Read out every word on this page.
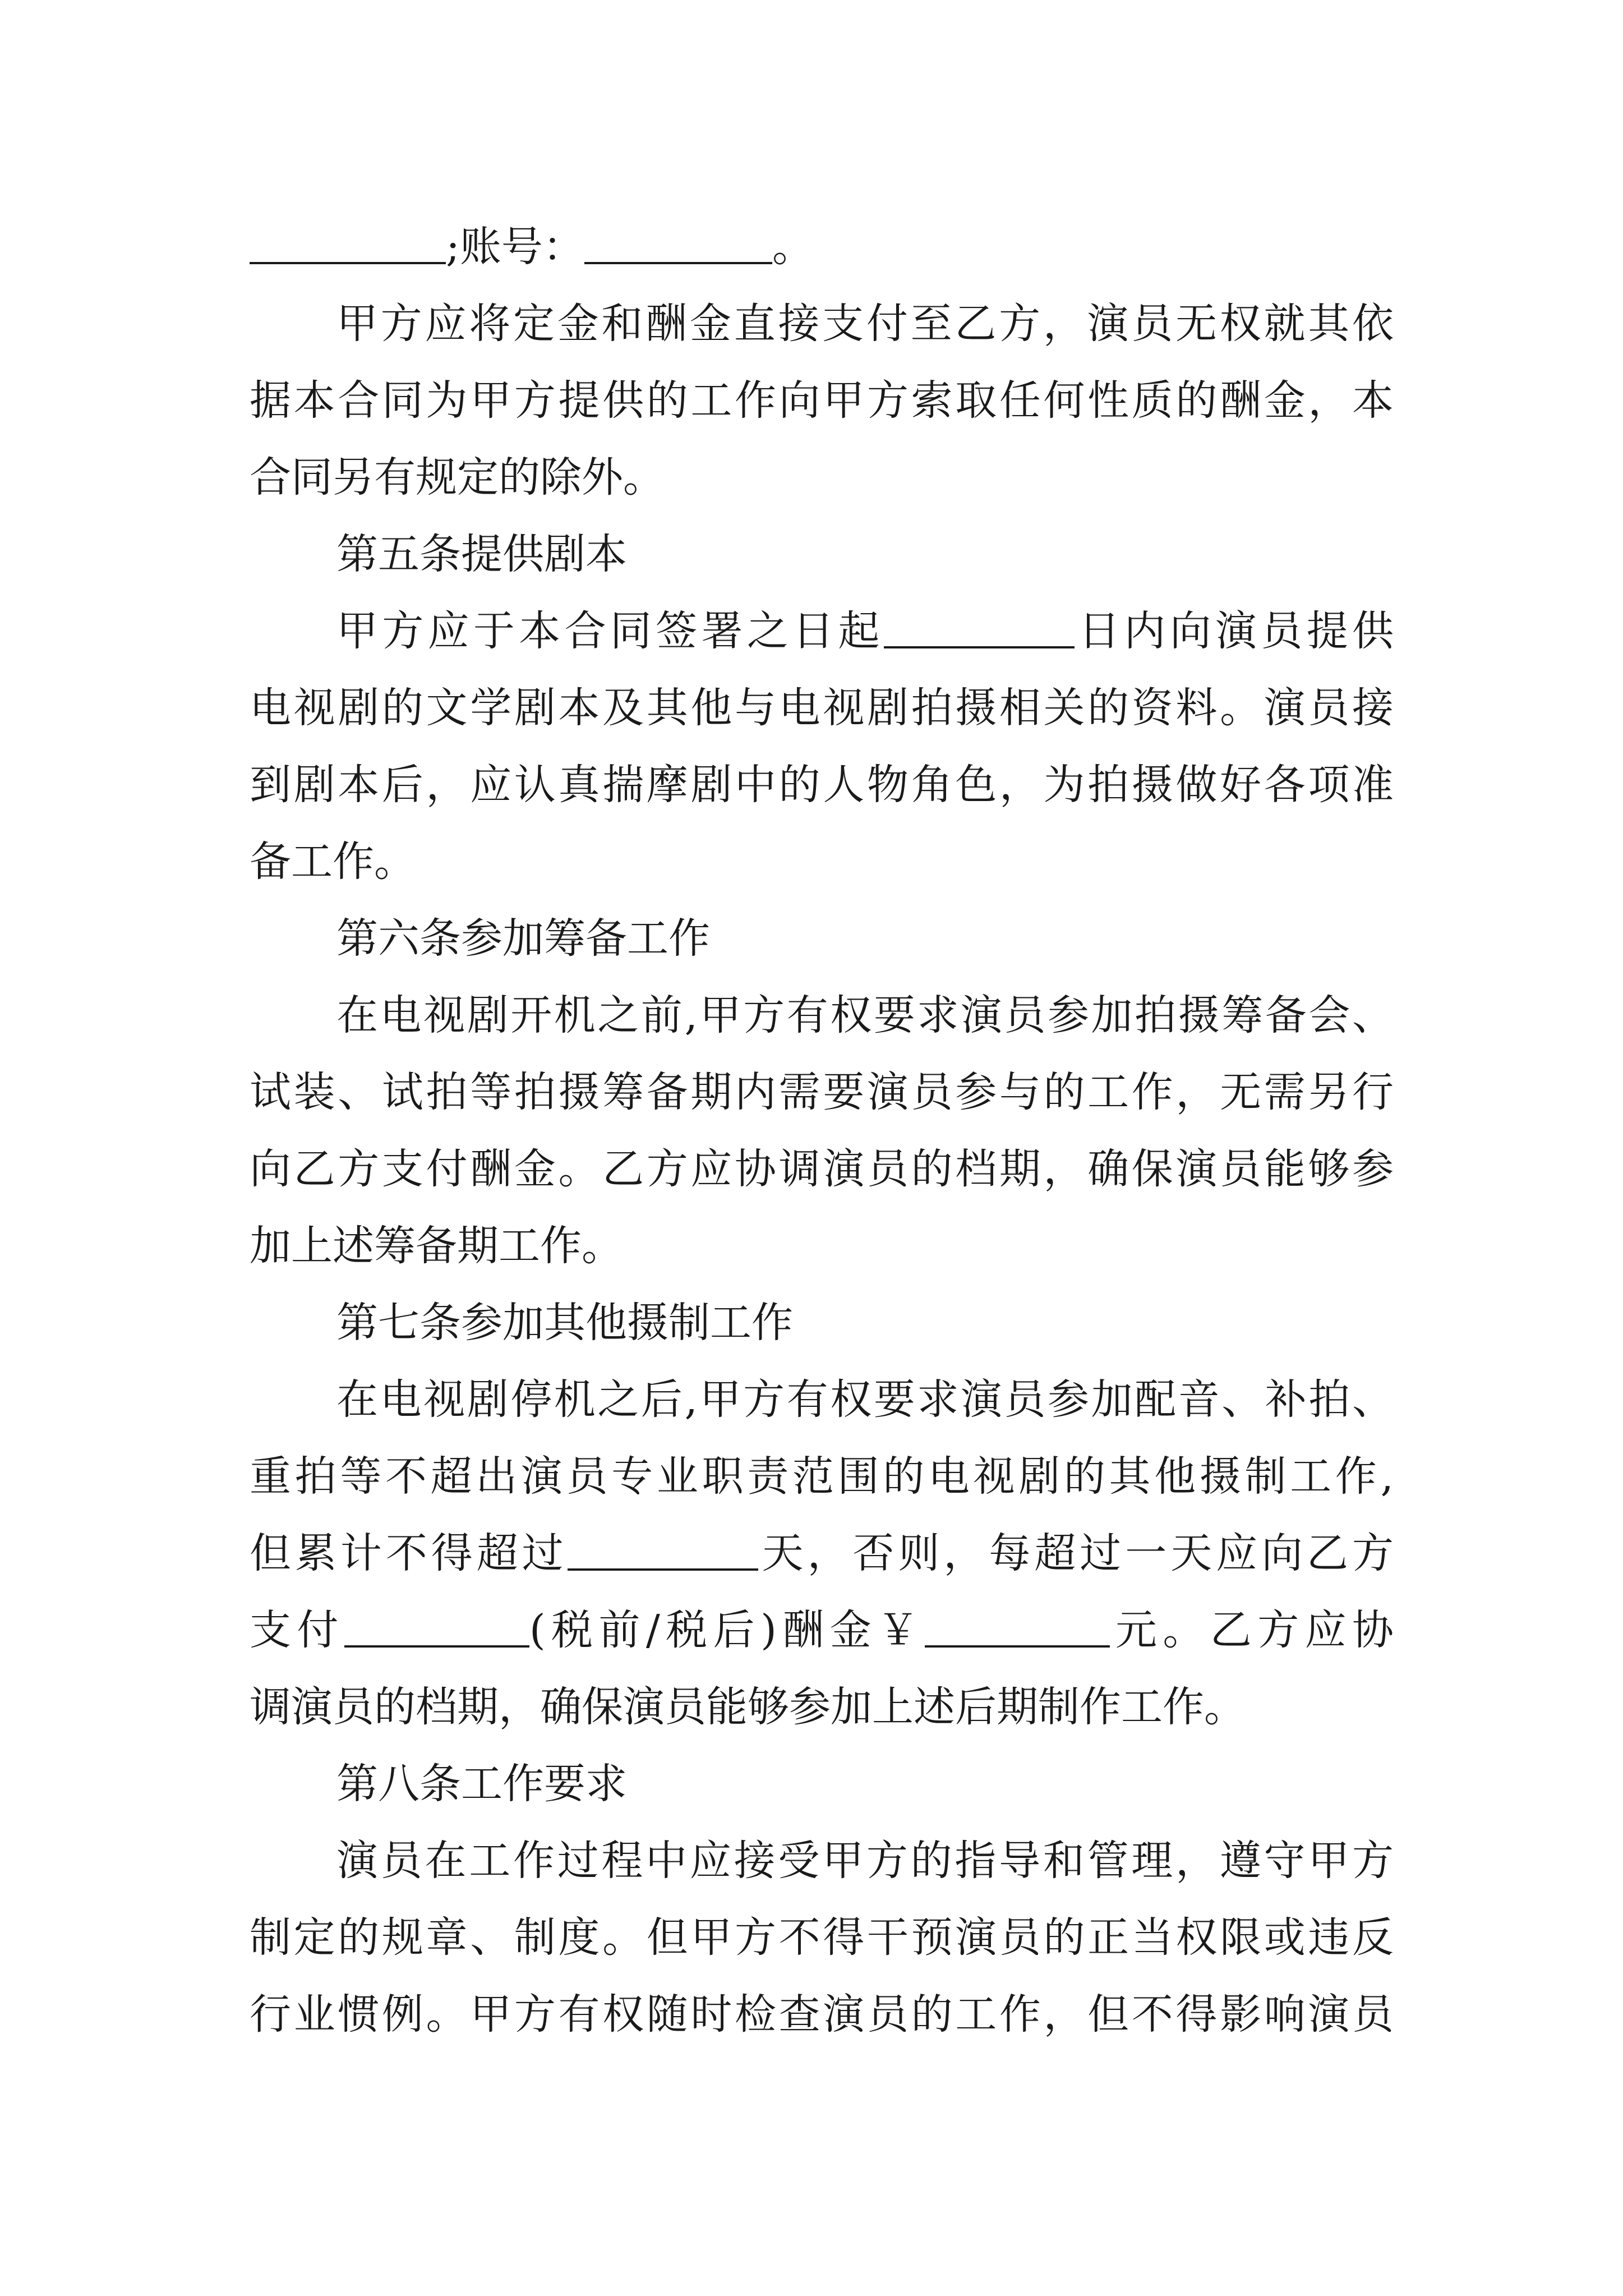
;账号：	。
甲方应将定金和酬金直接支付至乙方，演员无权就其依
据本合同为甲方提供的工作向甲方索取任何性质的酬金，本
合同另有规定的除外。
第五条提供剧本
甲方应于本合同签署之日起	日内向演员提供
电视剧的文学剧本及其他与电视剧拍摄相关的资料。演员接
到剧本后，应认真揣摩剧中的人物角色，为拍摄做好各项准
备工作。
第六条参加筹备工作
在电视剧开机之前,甲方有权要求演员参加拍摄筹备会、
试装、试拍等拍摄筹备期内需要演员参与的工作，无需另行
向乙方支付酬金。乙方应协调演员的档期，确保演员能够参
加上述筹备期工作。
第七条参加其他摄制工作
在电视剧停机之后,甲方有权要求演员参加配音、补拍、
重拍等不超出演员专业职责范围的电视剧的其他摄制工作,
但累计不得超过	天，否则，每超过一天应向乙方
支付	(税前/税后)酬金￥	元。乙方应协
调演员的档期，确保演员能够参加上述后期制作工作。
第八条工作要求
演员在工作过程中应接受甲方的指导和管理，遵守甲方
制定的规章、制度。但甲方不得干预演员的正当权限或违反
行业惯例。甲方有权随时检查演员的工作，但不得影响演员
